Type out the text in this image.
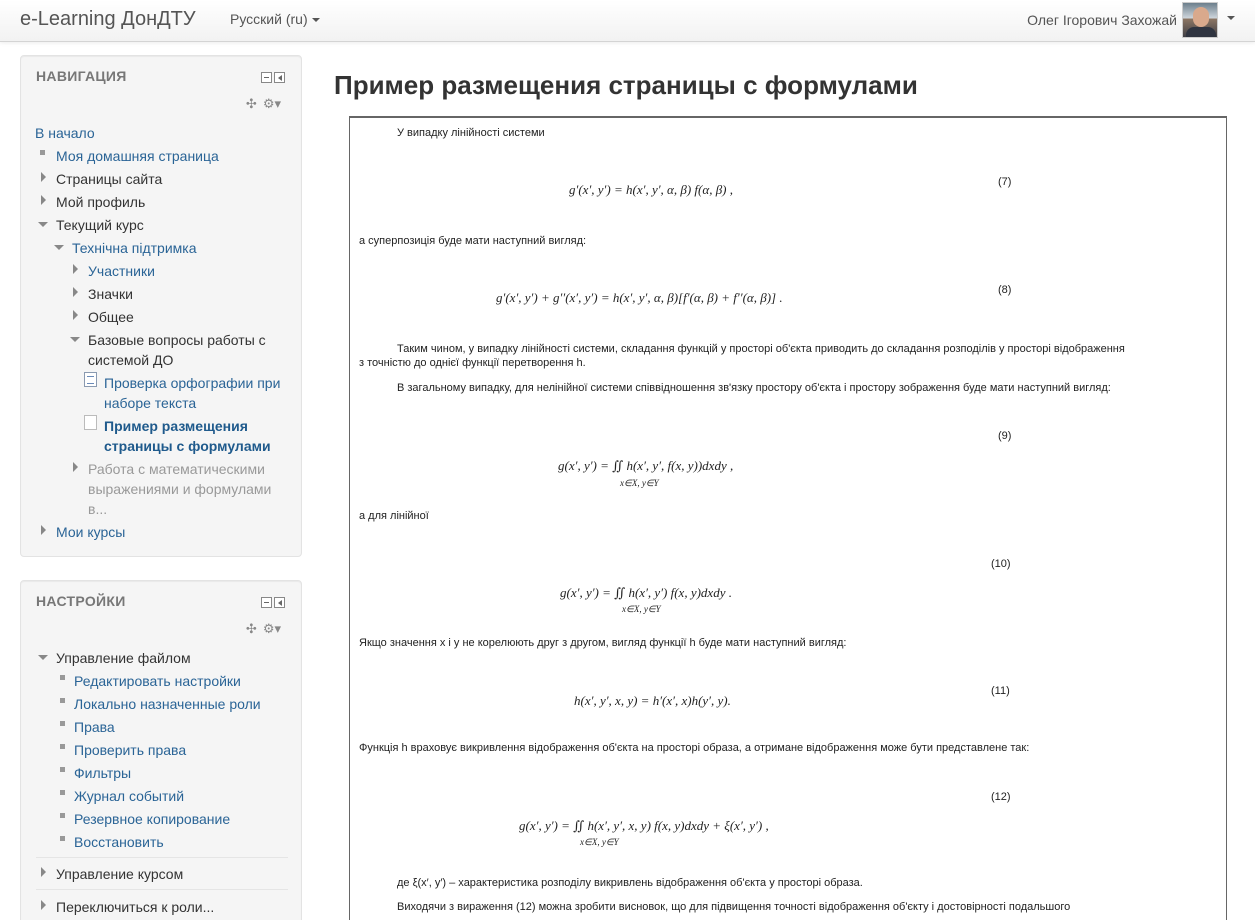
e-Learning ДонДТУ Русский (ru)	Олег Ігорович Захожай
НАВИГАЦИЯ
✣ ⚙▾
В начало
Моя домашняя страница
Страницы сайта
Мой профиль
Текущий курс
Технічна підтримка
Участники
Значки
Общее
Базовые вопросы работы с
системой ДО
Проверка орфографии при
наборе текста
Пример размещения
страницы с формулами
Работа с математическими
выражениями и формулами
в...
Мои курсы
НАСТРОЙКИ
✣ ⚙▾
Управление файлом
Редактировать настройки
Локально назначенные роли
Права
Проверить права
Фильтры
Журнал событий
Резервное копирование
Восстановить
Управление курсом
Переключиться к роли...
Пример размещения страницы с формулами
У випадку лінійності системи
g′(x′, y′) = h(x′, y′, α, β) f(α, β) ,	(7)
а суперпозиція буде мати наступний вигляд:
g′(x′, y′) + g′′(x′, y′) = h(x′, y′, α, β)[f′(α, β) + f′′(α, β)] .	(8)
Таким чином, у випадку лінійності системи, складання функцій у просторі об'єкта приводить до складання розподілів у просторі відображення
з точністю до однієї функції перетворення h.
В загальному випадку, для нелінійної системи співвідношення зв'язку простору об'єкта і простору зображення буде мати наступний вигляд:
(9)
g(x′, y′) = ∬ h(x′, y′, f(x, y))dxdy ,
x∈X, y∈Y
а для лінійної
(10)
g(x′, y′) = ∬ h(x′, y′) f(x, y)dxdy .
x∈X, y∈Y
Якщо значення x і y не корелюють друг з другом, вигляд функції h буде мати наступний вигляд:
(11)
h(x′, y′, x, y) = h′(x′, x)h(y′, y).
Функція h враховує викривлення відображення об'єкта на просторі образа, а отримане відображення може бути представлене так:
(12)
g(x′, y′) = ∬ h(x′, y′, x, y) f(x, y)dxdy + ξ(x′, y′) ,
x∈X, y∈Y
де ξ(x′, y′) – характеристика розподілу викривлень відображення об'єкта у просторі образа.
Виходячи з вираження (12) можна зробити висновок, що для підвищення точності відображення об'єкту і достовірності подальшого
